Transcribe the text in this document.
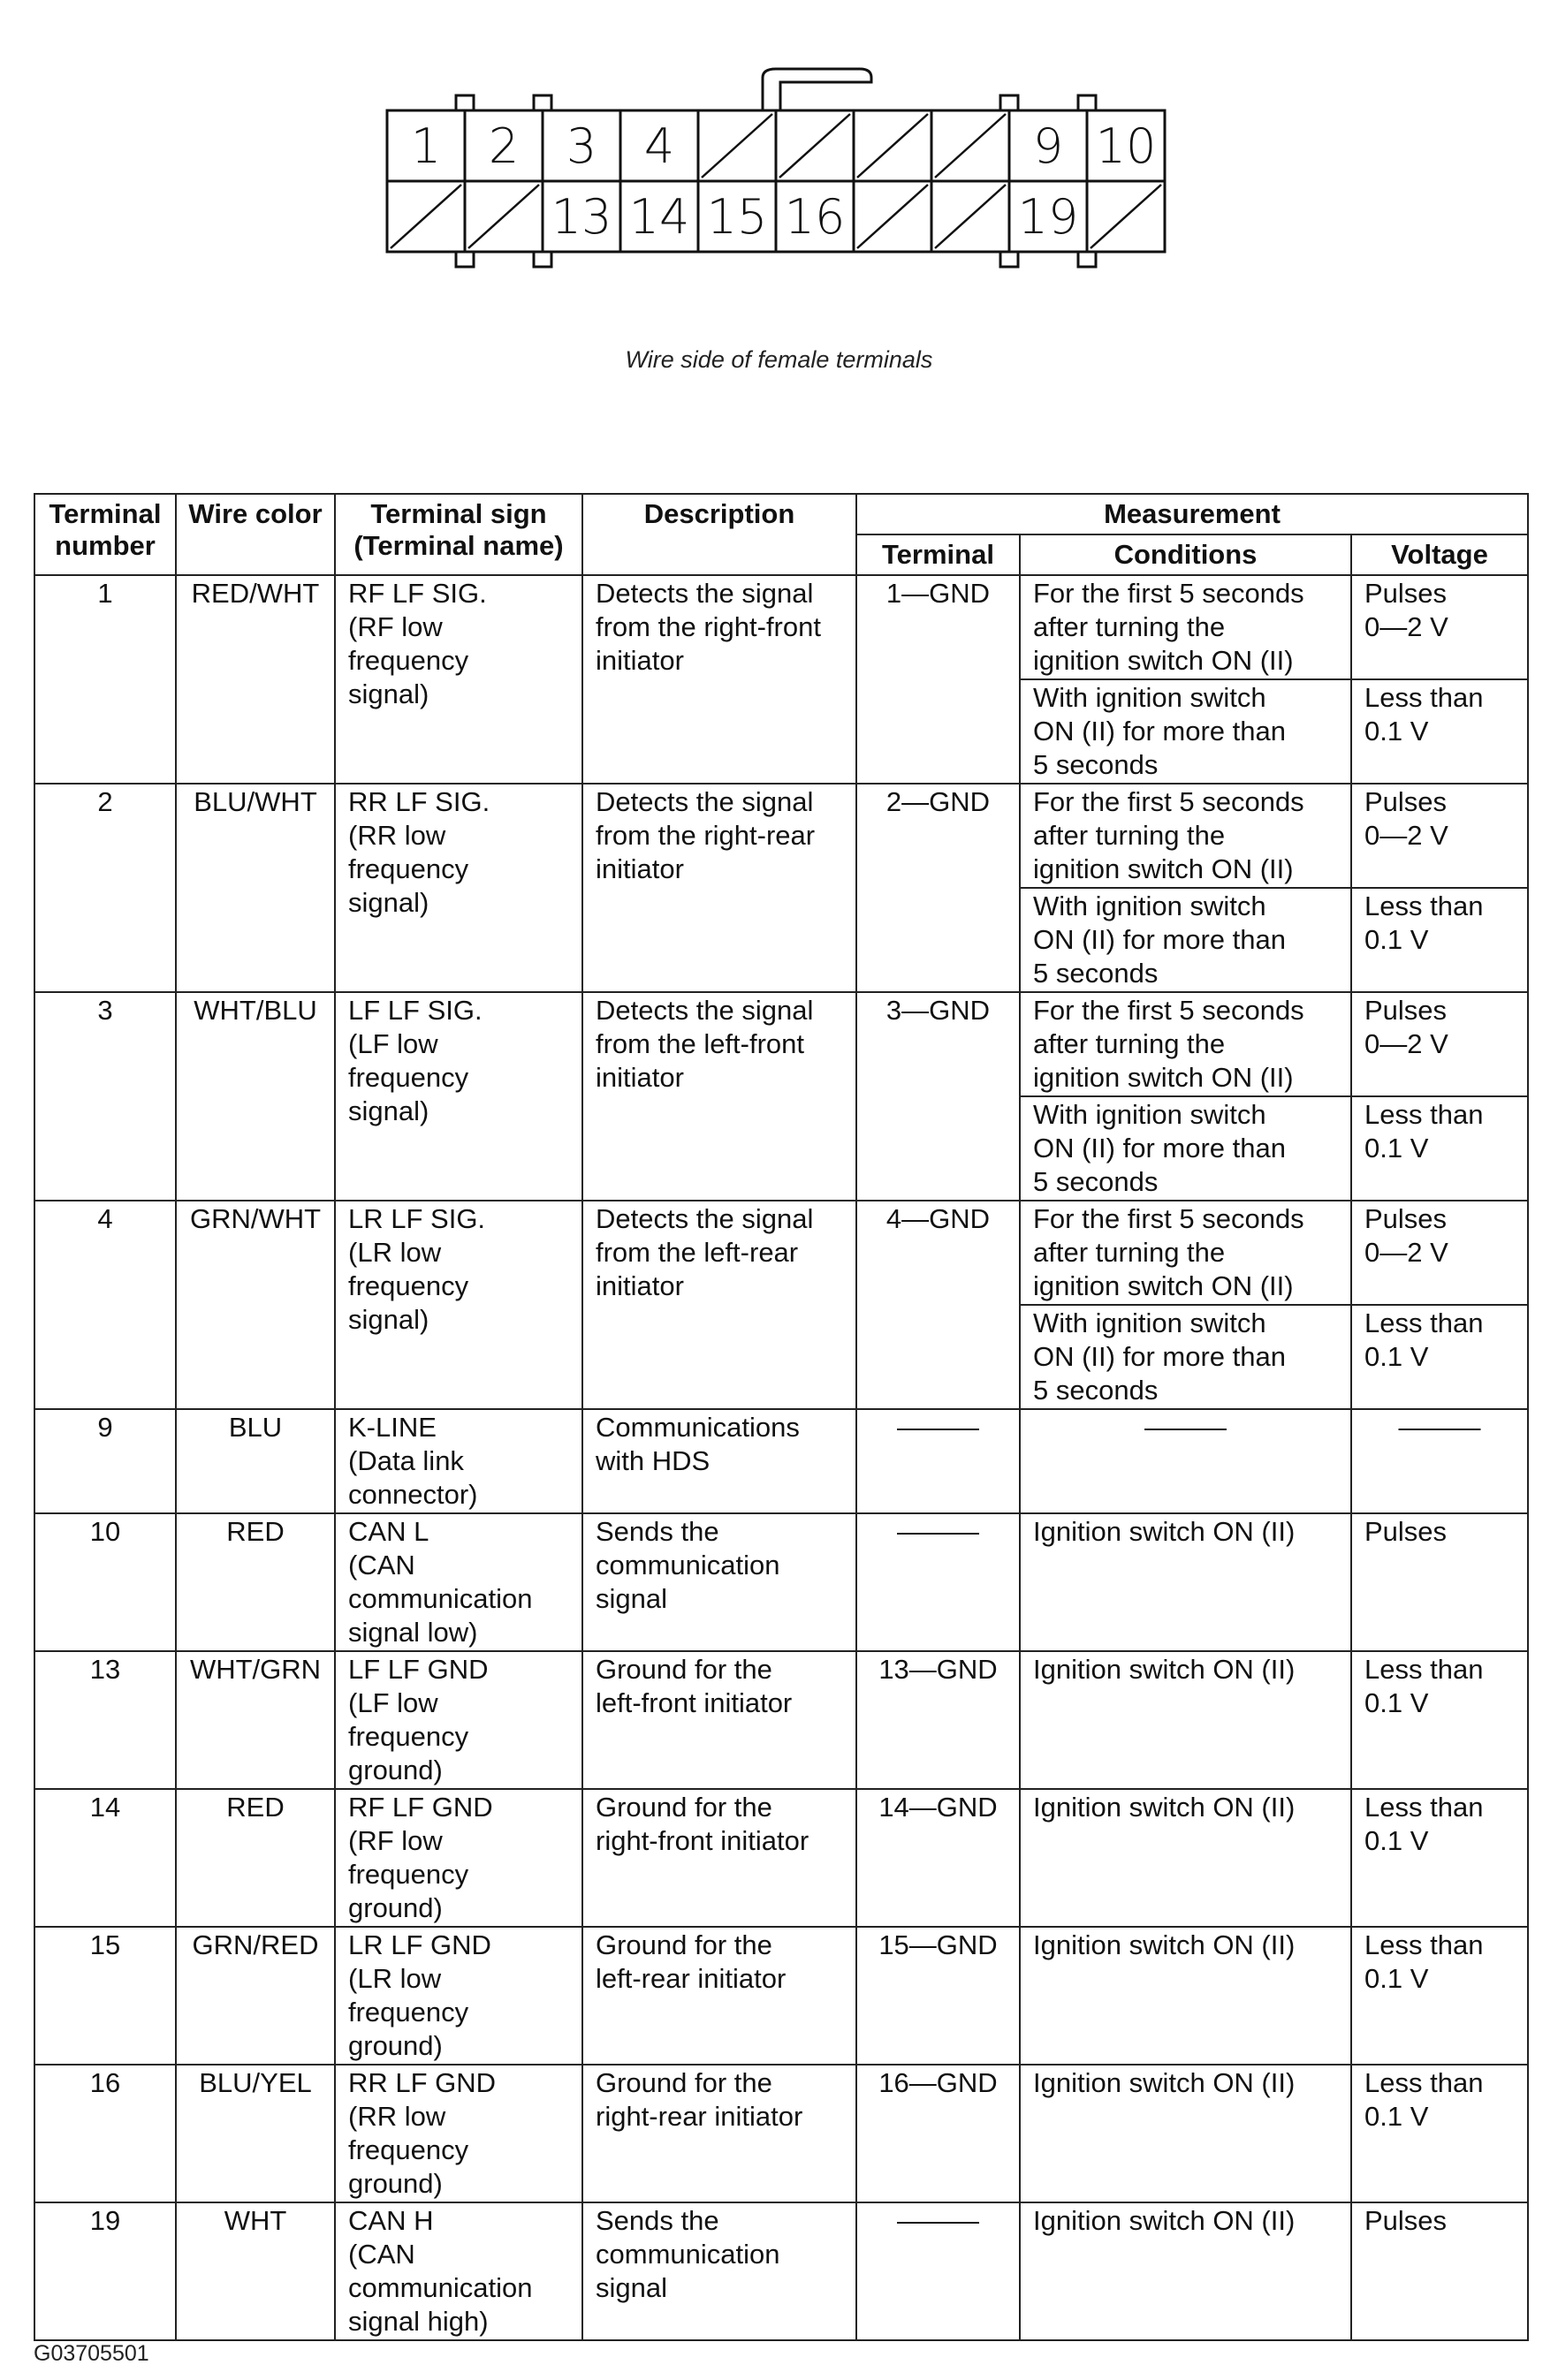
1 2 3 4	9 10
13 14 15 16	19
Wire side of female terminals
Terminal number	Wire color	Terminal sign
(Terminal name)	Description	Measurement		
				Terminal	Conditions	Voltage
1	RED/WHT	RF LF SIG.
(RF low
frequency
signal)	Detects the signal
from the right-front
initiator	1—GND	For the first 5 seconds
after turning the
ignition switch ON (II)	Pulses
0—2 V
					With ignition switch
ON (II) for more than
5 seconds	Less than
0.1 V
2	BLU/WHT	RR LF SIG.
(RR low
frequency
signal)	Detects the signal
from the right-rear
initiator	2—GND	For the first 5 seconds
after turning the
ignition switch ON (II)	Pulses
0—2 V
					With ignition switch
ON (II) for more than
5 seconds	Less than
0.1 V
3	WHT/BLU	LF LF SIG.
(LF low
frequency
signal)	Detects the signal
from the left-front
initiator	3—GND	For the first 5 seconds
after turning the
ignition switch ON (II)	Pulses
0—2 V
					With ignition switch
ON (II) for more than
5 seconds	Less than
0.1 V
4	GRN/WHT	LR LF SIG.
(LR low
frequency
signal)	Detects the signal
from the left-rear
initiator	4—GND	For the first 5 seconds
after turning the
ignition switch ON (II)	Pulses
0—2 V
					With ignition switch
ON (II) for more than
5 seconds	Less than
0.1 V
9	BLU	K-LINE
(Data link
connector)	Communications
with HDS	———	———	———
10	RED	CAN L
(CAN
communication
signal low)	Sends the
communication
signal	———	Ignition switch ON (II)	Pulses
13	WHT/GRN	LF LF GND
(LF low
frequency
ground)	Ground for the
left-front initiator	13—GND	Ignition switch ON (II)	Less than
0.1 V
14	RED	RF LF GND
(RF low
frequency
ground)	Ground for the
right-front initiator	14—GND	Ignition switch ON (II)	Less than
0.1 V
15	GRN/RED	LR LF GND
(LR low
frequency
ground)	Ground for the
left-rear initiator	15—GND	Ignition switch ON (II)	Less than
0.1 V
16	BLU/YEL	RR LF GND
(RR low
frequency
ground)	Ground for the
right-rear initiator	16—GND	Ignition switch ON (II)	Less than
0.1 V
19	WHT	CAN H
(CAN
communication
signal high)	Sends the
communication
signal	———	Ignition switch ON (II)	Pulses
G03705501
